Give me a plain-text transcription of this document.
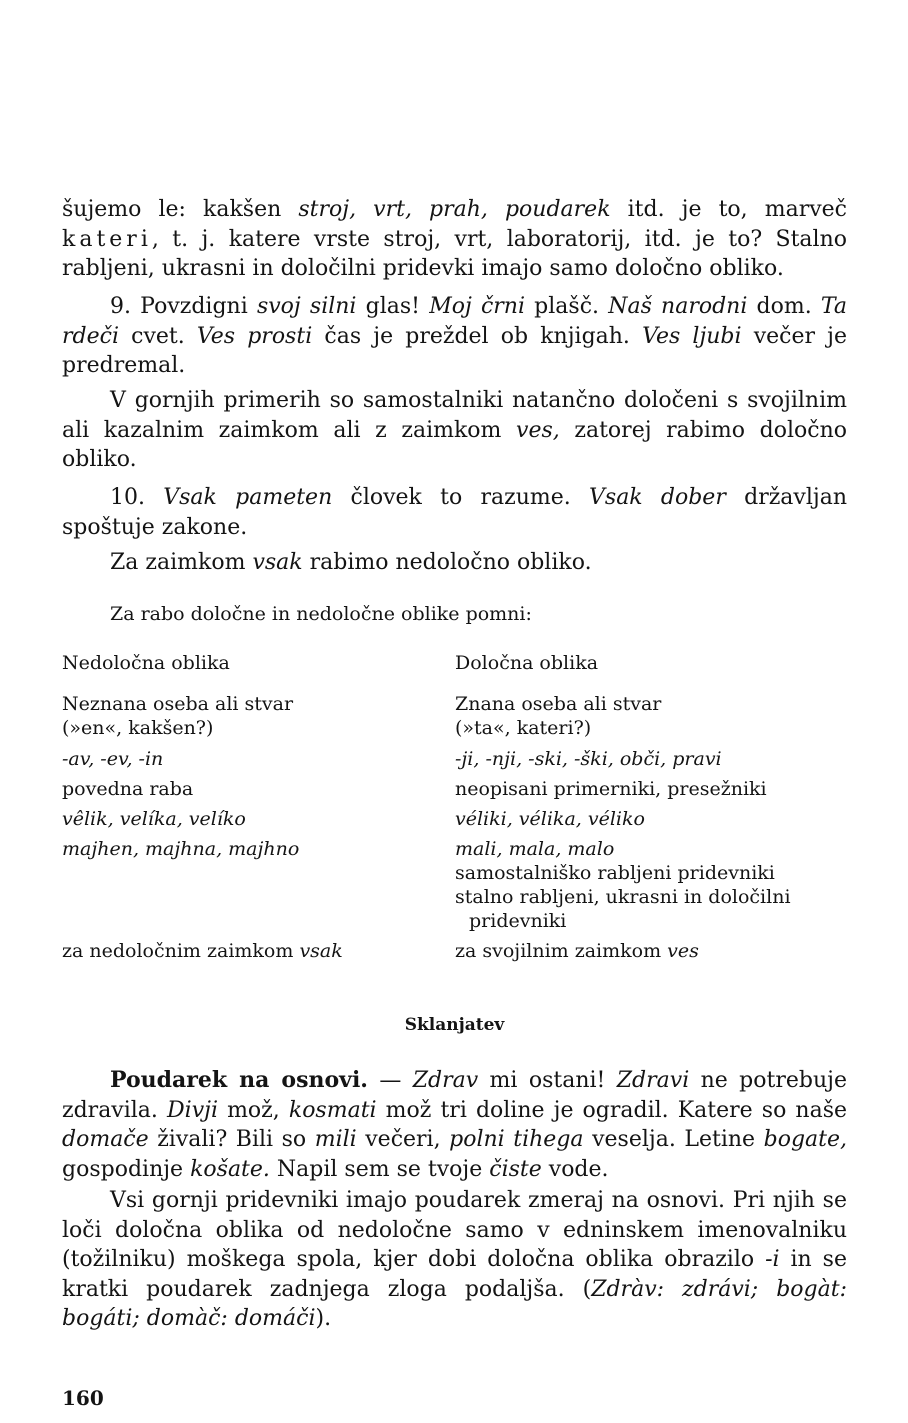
šujemo le: kakšen stroj, vrt, prah, poudarek itd. je to, marveč kateri, t. j. katere vrste stroj, vrt, laboratorij, itd. je to? Stalno rabljeni, ukrasni in določilni pridevki imajo samo določno obliko.

9. Povzdigni svoj silni glas! Moj črni plašč. Naš narodni dom. Ta rdeči cvet. Ves prosti čas je preždel ob knjigah. Ves ljubi večer je predremal.

V gornjih primerih so samostalniki natančno določeni s svojilnim ali kazalnim zaimkom ali z zaimkom ves, zatorej rabimo določno obliko.

10. Vsak pameten človek to razume. Vsak dober državljan spoštuje zakone.

Za zaimkom vsak rabimo nedoločno obliko.

Za rabo določne in nedoločne oblike pomni:
Nedoločna oblika	Določna oblika
Neznana oseba ali stvar
(»en«, kakšen?)
-av, -ev, -in
povedna raba
vêlik, velíka, velíko
majhen, majhna, majhno
za nedoločnim zaimkom vsak
Znana oseba ali stvar
(»ta«, kateri?)
-ji, -nji, -ski, -ški, obči, pravi
neopisani primerniki, presežniki
véliki, vélika, véliko
mali, mala, malo
samostalniško rabljeni pridevniki
stalno rabljeni, ukrasni in določilni pridevniki
za svojilnim zaimkom ves
Sklanjatev

Poudarek na osnovi. — Zdrav mi ostani! Zdravi ne potrebuje zdravila. Divji mož, kosmati mož tri doline je ogradil. Katere so naše domače živali? Bili so mili večeri, polni tihega veselja. Letine bogate, gospodinje košate. Napil sem se tvoje čiste vode.

Vsi gornji pridevniki imajo poudarek zmeraj na osnovi. Pri njih se loči določna oblika od nedoločne samo v edninskem imenovalniku (tožilniku) moškega spola, kjer dobi določna oblika obrazilo -i in se kratki poudarek zadnjega zloga podaljša. (Zdràv: zdrávi; bogàt: bogáti; domàč: domáči).

160
